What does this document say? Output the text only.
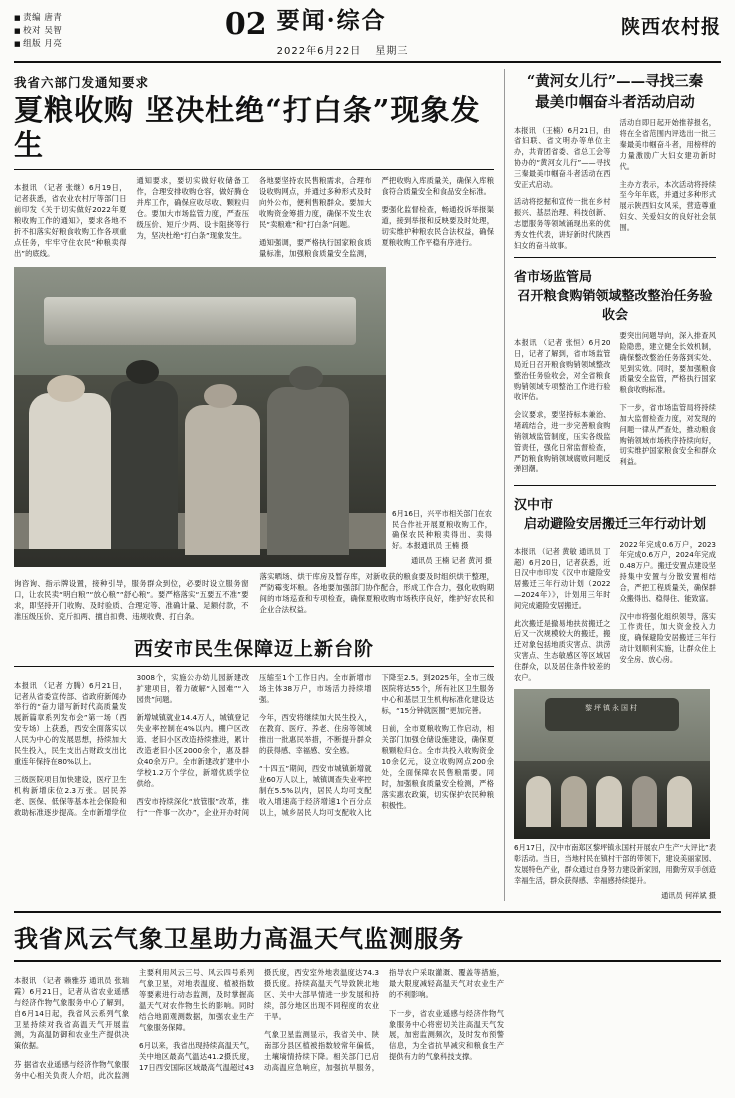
■ 责编 唐青
■ 校对 吴智
■ 组版 月亮
02 要闻·综合
2022年6月22日 星期三
陕西农村报
我省六部门发通知要求
夏粮收购 坚决杜绝“打白条”现象发生

本报讯 （记者 张继）6月19日，记者获悉，省农业农村厅等部门日前印发《关于切实做好2022年夏粮收购工作的通知》，要求各地不折不扣落实好粮食收购工作各项重点任务，牢牢守住农民“种粮卖得出”的底线。

通知要求，要切实做好收储备工作，合理安排收购仓容，做好腾仓并库工作，确保应收尽收、颗粒归仓。要加大市场监管力度，严查压级压价、短斤少两、设卡阻挠等行为，坚决杜绝“打白条”现象发生。

各地要坚持农民售粮需求，合理布设收购网点，并通过多种形式及时向外公布，便利售粮群众。要加大收购资金筹措力度，确保不发生农民“卖粮难”和“打白条”问题。

通知强调，要严格执行国家粮食质量标准，加强粮食质量安全监测，严把收购入库质量关，确保入库粮食符合质量安全和食品安全标准。

要强化监督检查，畅通投诉举报渠道，接到举报和反映要及时处理，切实维护种粮农民合法权益，确保夏粮收购工作平稳有序进行。

6月16日，兴平市相关部门在农民合作社开展夏粮收购工作，确保农民种粮卖得出、卖得好。本报通讯员 王楠 摄
通讯员 王楠 记者 黄河 摄

询咨询、指示牌设置，接种引导，服务群众到位，必要时设立服务窗口，让农民卖“明白粮”“放心粮”“舒心粮”。要严格落实“五要五不准”要求，即坚持开门收购、及时验质、合理定等、准确计量、足额付款，不准压级压价、克斤扣两、擅自扣费、违规收费、打白条。

落实晒场、烘干库房及暂存库，对新收获的粮食要及时组织烘干整理，严防霉变坏粮。各地要加强部门协作配合，形成工作合力，强化收购期间的市场巡查和专项检查，确保夏粮收购市场秩序良好，维护好农民和企业合法权益。

西安市民生保障迈上新台阶

本报讯 （记者 方腾）6月21日，记者从省委宣传部、省政府新闻办举行的“奋力谱写新时代高质量发展新篇章系列发布会”第一场（西安专场）上获悉，西安全面落实以人民为中心的发展思想，持续加大民生投入，民生支出占财政支出比重连年保持在80%以上。

三级医院项目加快建设，医疗卫生机构新增床位2.3万张。居民养老、医保、低保等基本社会保险和救助标准逐步提高。全市新增学位3008个，实施公办幼儿园新建改扩建项目，着力破解“入园难”“入园贵”问题。

新增城镇就业14.4万人，城镇登记失业率控制在4%以内。棚户区改造、老旧小区改造持续推进，累计改造老旧小区2000余个，惠及群众40余万户。全市新建改扩建中小学校1.2万个学位，新增优质学位供给。

西安市持续深化“放管服”改革，推行“一件事一次办”，企业开办时间压缩至1个工作日内。全市新增市场主体38万户，市场活力持续增强。

今年，西安将继续加大民生投入，在教育、医疗、养老、住房等领域推出一批惠民举措，不断提升群众的获得感、幸福感、安全感。

“十四五”期间，西安市城镇新增就业60万人以上，城镇调查失业率控制在5.5%以内，居民人均可支配收入增速高于经济增速1个百分点以上，城乡居民人均可支配收入比下降至2.5。到2025年，全市三级医院将达55个，所有社区卫生服务中心和基层卫生机构标准化建设达标，“15分钟就医圈”更加完善。

日前，全市夏粮收购工作启动，相关部门加强仓储设施建设，确保夏粮颗粒归仓。全市共投入收购资金10余亿元，设立收购网点200余处，全面保障农民售粮需要。同时，加强粮食质量安全检测，严格落实惠农政策，切实保护农民种粮积极性。

“黄河女儿行”——寻找三秦
最美巾帼奋斗者活动启动

本报讯 （王楠）6月21日，由省妇联、省文明办等单位主办，共青团省委、省总工会等协办的“黄河女儿行”——寻找三秦最美巾帼奋斗者活动在西安正式启动。

活动将挖掘和宣传一批在乡村振兴、基层治理、科技创新、志愿服务等领域涌现出来的优秀女性代表，讲好新时代陕西妇女的奋斗故事。

活动自即日起开始推荐报名，将在全省范围内评选出一批三秦最美巾帼奋斗者，用榜样的力量激励广大妇女建功新时代。

主办方表示，本次活动将持续至今年年底，并通过多种形式展示陕西妇女风采，营造尊重妇女、关爱妇女的良好社会氛围。

省市场监管局
召开粮食购销领域整改整治任务验收会

本报讯 （记者 张恒）6月20日，记者了解到，省市场监管局近日召开粮食购销领域整改整治任务验收会，对全省粮食购销领域专项整治工作进行验收评估。

会议要求，要坚持标本兼治、堵疏结合，进一步完善粮食购销领域监管制度，压实各级监管责任，强化日常监督检查，严防粮食购销领域腐败问题反弹回潮。

要突出问题导向，深入排查风险隐患，建立健全长效机制，确保整改整治任务落到实处、见到实效。同时，要加强粮食质量安全监管，严格执行国家粮食收购标准。

下一步，省市场监管局将持续加大监督检查力度，对发现的问题一律从严查处，推动粮食购销领域市场秩序持续向好，切实维护国家粮食安全和群众利益。

汉中市
启动避险安居搬迁三年行动计划

本报讯 （记者 黄敏 通讯员 丁超）6月20日，记者获悉，近日汉中市印发《汉中市避险安居搬迁三年行动计划（2022—2024年）》，计划用三年时间完成避险安居搬迁。

此次搬迁是撤易地扶贫搬迁之后又一次规模较大的搬迁，搬迁对象包括地质灾害点、洪涝灾害点、生态敏感区等区域居住群众，以及居住条件较差的农户。

2022年完成0.6万户，2023年完成0.6万户，2024年完成0.48万户。搬迁安置点建设坚持集中安置与分散安置相结合，严把工程质量关，确保群众搬得出、稳得住、能致富。

汉中市将强化组织领导，落实工作责任，加大资金投入力度，确保避险安居搬迁三年行动计划顺利实施，让群众住上安全房、放心房。

黎坪镇永国村
6月17日，汉中市南郑区黎坪镇永国村开展农户生产“大评比”表彰活动。当日，当地村民在镇村干部的带领下，建设美丽家园、发展特色产业，群众通过自身努力建设新家园，用勤劳双手创造幸福生活，群众获得感、幸福感持续提升。
通讯员 何祥斌 摄
我省风云气象卫星助力高温天气监测服务

本报讯 （记者 赖雅芬 通讯员 张瑞霞）6月21日，记者从省农业遥感与经济作物气象服务中心了解到，自6月14日起，我省风云系列气象卫星持续对我省高温天气开展监测，为高温防御和农业生产提供决策依据。

芬 据省农业遥感与经济作物气象服务中心相关负责人介绍，此次监测主要利用风云三号、风云四号系列气象卫星，对地表温度、植被指数等要素进行动态监测，及时掌握高温天气对农作物生长的影响。同时结合地面观测数据，加强农业生产气象服务保障。

6月以来，我省出现持续高温天气，关中地区最高气温达41.2摄氏度，17日西安国际区域最高气温超过43摄氏度，西安室外地表温度达74.3摄氏度。持续高温天气导致陕北地区、关中大部旱情进一步发展和持续，部分地区出现不同程度的农业干旱。

气象卫星监测显示，我省关中、陕南部分县区植被指数较常年偏低，土壤墒情持续下降。相关部门已启动高温应急响应，加强抗旱服务，指导农户采取灌溉、覆盖等措施，最大限度减轻高温天气对农业生产的不利影响。

下一步，省农业遥感与经济作物气象服务中心将密切关注高温天气发展，加密监测频次，及时发布预警信息，为全省抗旱减灾和粮食生产提供有力的气象科技支撑。
